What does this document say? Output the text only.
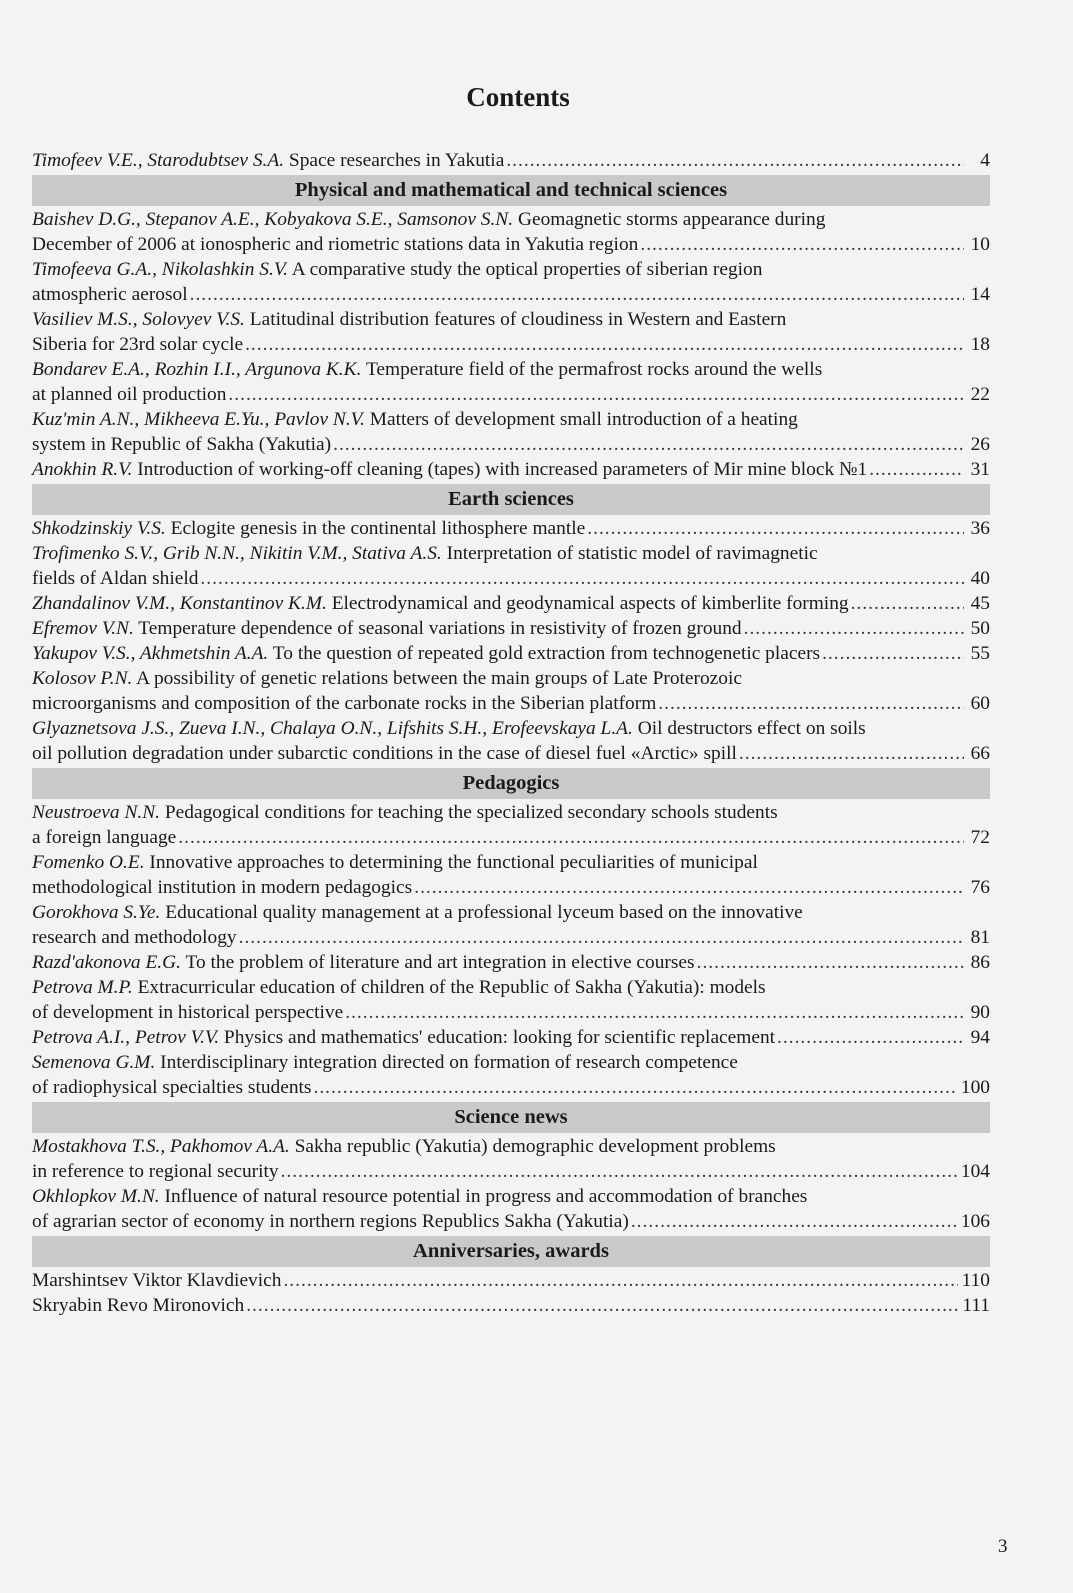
Contents
Timofeev V.E., Starodubtsev S.A. Space researches in Yakutia .....	4
Physical and mathematical and technical sciences
Baishev D.G., Stepanov A.E., Kobyakova S.E., Samsonov S.N. Geomagnetic storms appearance during
December of 2006 at ionospheric and riometric stations data in Yakutia region .....	10
Timofeeva G.A., Nikolashkin S.V. A comparative study the optical properties of siberian region
atmospheric aerosol .....	14
Vasiliev M.S., Solovyev V.S. Latitudinal distribution features of cloudiness in Western and Eastern
Siberia for 23rd solar cycle .....	18
Bondarev E.A., Rozhin I.I., Argunova K.K. Temperature field of the permafrost rocks around the wells
at planned oil production .....	22
Kuz'min A.N., Mikheeva E.Yu., Pavlov N.V. Matters of development small introduction of a heating
system in Republic of Sakha (Yakutia) .....	26
Anokhin R.V. Introduction of working-off cleaning (tapes) with increased parameters of Mir mine block №1 .....	31
Earth sciences
Shkodzinskiy V.S. Eclogite genesis in the continental lithosphere mantle .....	36
Trofimenko S.V., Grib N.N., Nikitin V.M., Stativa A.S. Interpretation of statistic model of ravimagnetic
fields of Aldan shield .....	40
Zhandalinov V.M., Konstantinov K.M. Electrodynamical and geodynamical aspects of kimberlite forming .....	45
Efremov V.N. Temperature dependence of seasonal variations in resistivity of frozen ground .....	50
Yakupov V.S., Akhmetshin A.A. To the question of repeated gold extraction from technogenetic placers .....	55
Kolosov P.N. A possibility of genetic relations between the main groups of Late Proterozoic
microorganisms and composition of the carbonate rocks in the Siberian platform .....	60
Glyaznetsova J.S., Zueva I.N., Chalaya O.N., Lifshits S.H., Erofeevskaya L.A. Oil destructors effect on soils
oil pollution degradation under subarctic conditions in the case of diesel fuel «Arctic» spill .....	66
Pedagogics
Neustroeva N.N. Pedagogical conditions for teaching the specialized secondary schools students
a foreign language .....	72
Fomenko O.E. Innovative approaches to determining the functional peculiarities of municipal
methodological institution in modern pedagogics .....	76
Gorokhova S.Ye. Educational quality management at a professional lyceum based on the innovative
research and methodology .....	81
Razd'akonova E.G. To the problem of literature and art integration in elective courses .....	86
Petrova M.P. Extracurricular education of children of the Republic of Sakha (Yakutia): models
of development in historical perspective .....	90
Petrova A.I., Petrov V.V. Physics and mathematics' education: looking for scientific replacement .....	94
Semenova G.M. Interdisciplinary integration directed on formation of research competence
of radiophysical specialties students .....	100
Science news
Mostakhova T.S., Pakhomov A.A. Sakha republic (Yakutia) demographic development problems
in reference to regional security .....	104
Okhlopkov M.N. Influence of natural resource potential in progress and accommodation of branches
of agrarian sector of economy in northern regions Republics Sakha (Yakutia) .....	106
Anniversaries, awards
Marshintsev Viktor Klavdievich .....	110
Skryabin Revo Mironovich .....	111
3
